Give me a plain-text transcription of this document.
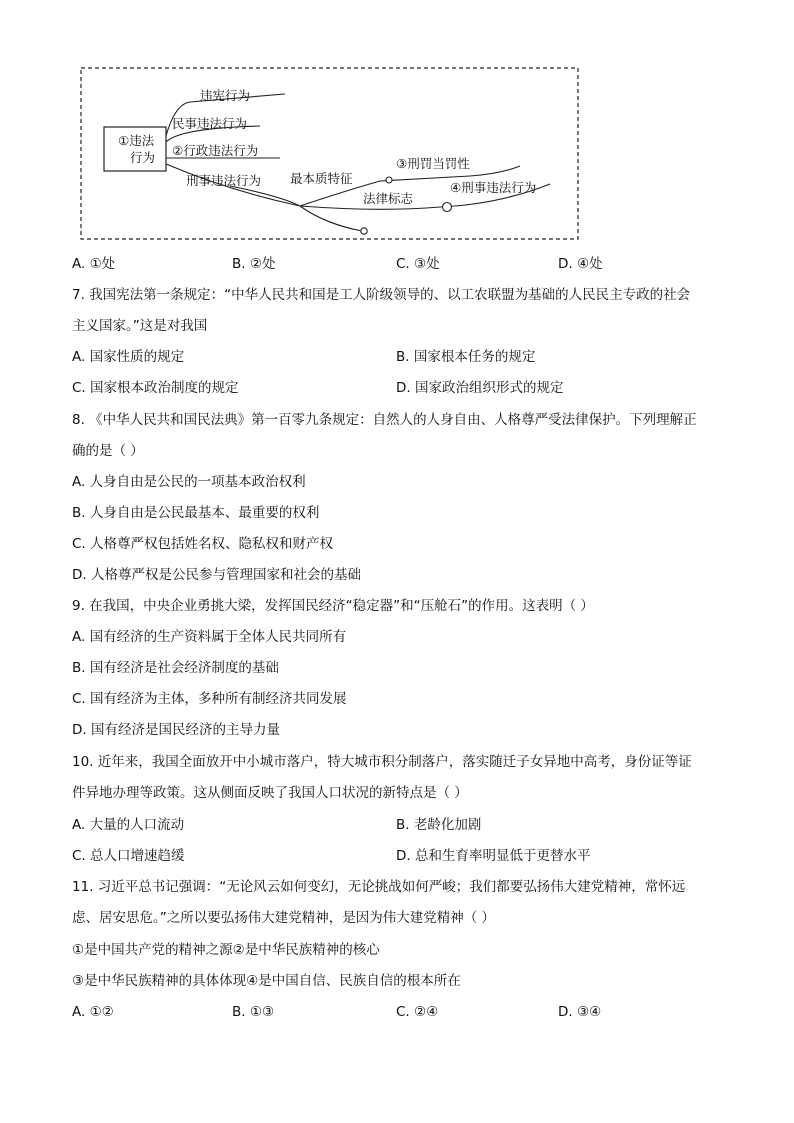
①违法
行为
违宪行为
民事违法行为
②行政违法行为
刑事违法行为 最本质特征
③刑罚当罚性
法律标志
④刑事违法行为
A. ①处	B. ②处	C. ③处	D. ④处
7. 我国宪法第一条规定：“中华人民共和国是工人阶级领导的、以工农联盟为基础的人民民主专政的社会
主义国家。”这是对我国
A. 国家性质的规定	B. 国家根本任务的规定
C. 国家根本政治制度的规定	D. 国家政治组织形式的规定
8. 《中华人民共和国民法典》第一百零九条规定：自然人的人身自由、人格尊严受法律保护。下列理解正
确的是（ ）
A. 人身自由是公民的一项基本政治权利
B. 人身自由是公民最基本、最重要的权利
C. 人格尊严权包括姓名权、隐私权和财产权
D. 人格尊严权是公民参与管理国家和社会的基础
9. 在我国，中央企业勇挑大梁，发挥国民经济“稳定器”和“压舱石”的作用。这表明（ ）
A. 国有经济的生产资料属于全体人民共同所有
B. 国有经济是社会经济制度的基础
C. 国有经济为主体，多种所有制经济共同发展
D. 国有经济是国民经济的主导力量
10. 近年来，我国全面放开中小城市落户，特大城市积分制落户，落实随迁子女异地中高考，身份证等证
件异地办理等政策。这从侧面反映了我国人口状况的新特点是（ ）
A. 大量的人口流动	B. 老龄化加剧
C. 总人口增速趋缓	D. 总和生育率明显低于更替水平
11. 习近平总书记强调：“无论风云如何变幻，无论挑战如何严峻；我们都要弘扬伟大建党精神，常怀远
虑、居安思危。”之所以要弘扬伟大建党精神，是因为伟大建党精神（ ）
①是中国共产党的精神之源②是中华民族精神的核心
③是中华民族精神的具体体现④是中国自信、民族自信的根本所在
A. ①②	B. ①③	C. ②④	D. ③④
